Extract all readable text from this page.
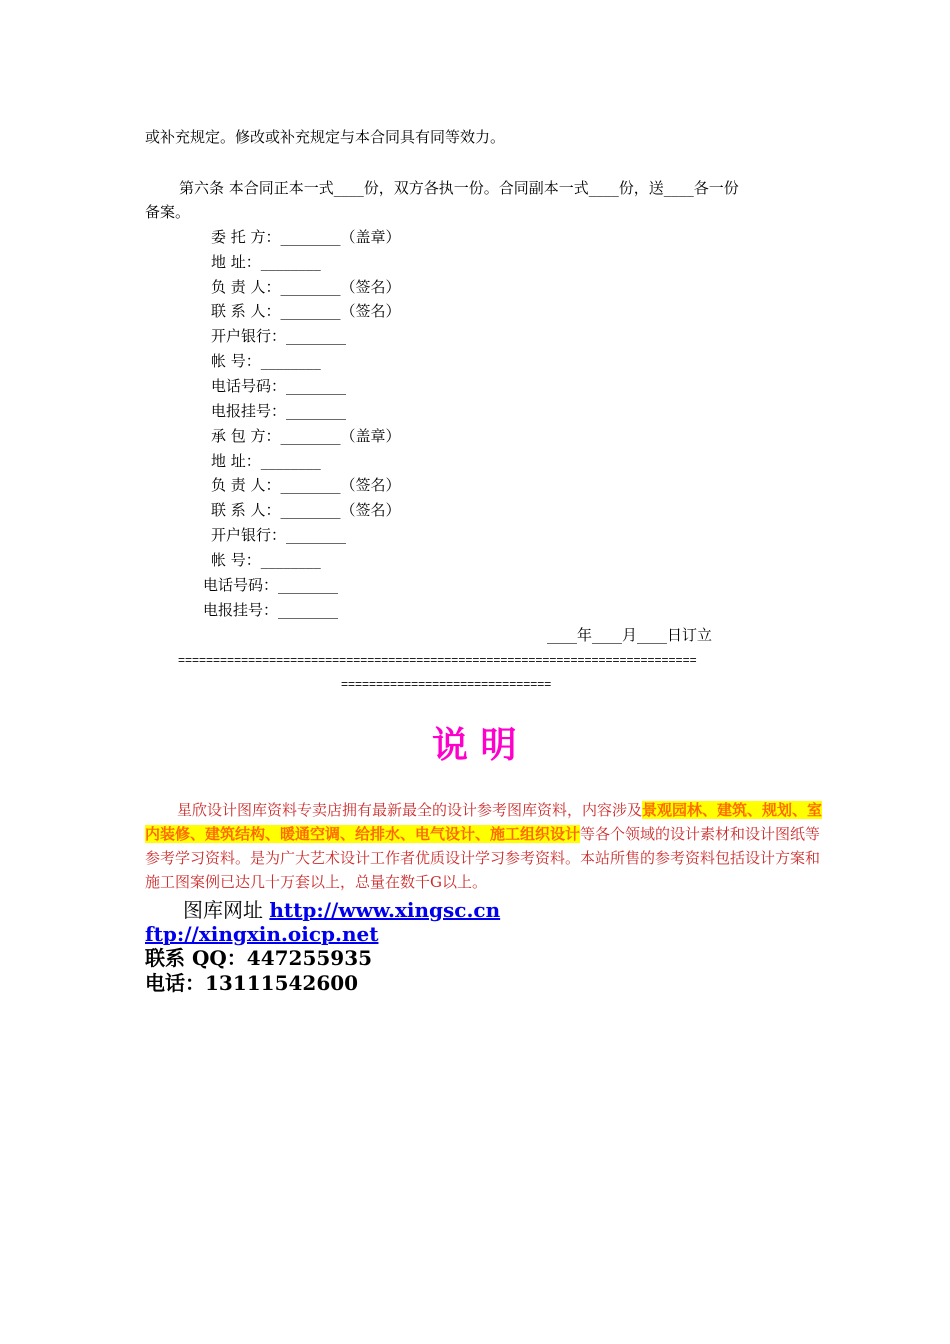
或补充规定。修改或补充规定与本合同具有同等效力。
第六条 本合同正本一式____份，双方各执一份。合同副本一式____份，送____各一份
备案。
委 托 方：________（盖章）
地 址：________
负 责 人：________（签名）
联 系 人：________（签名）
开户银行：________
帐 号：________
电话号码：________
电报挂号：________
承 包 方：________（盖章）
地 址：________
负 责 人：________（签名）
联 系 人：________（签名）
开户银行：________
帐 号：________
电话号码：________
电报挂号：________
____年____月____日订立
==========================================================================
==============================
说 明
星欣设计图库资料专卖店拥有最新最全的设计参考图库资料，内容涉及景观园林、建筑、规划、室内装修、建筑结构、暖通空调、给排水、电气设计、施工组织设计等各个领域的设计素材和设计图纸等参考学习资料。是为广大艺术设计工作者优质设计学习参考资料。本站所售的参考资料包括设计方案和施工图案例已达几十万套以上，总量在数千G以上。
图库网址 http://www.xingsc.cn
ftp://xingxin.oicp.net
联系 QQ：447255935
电话：13111542600
